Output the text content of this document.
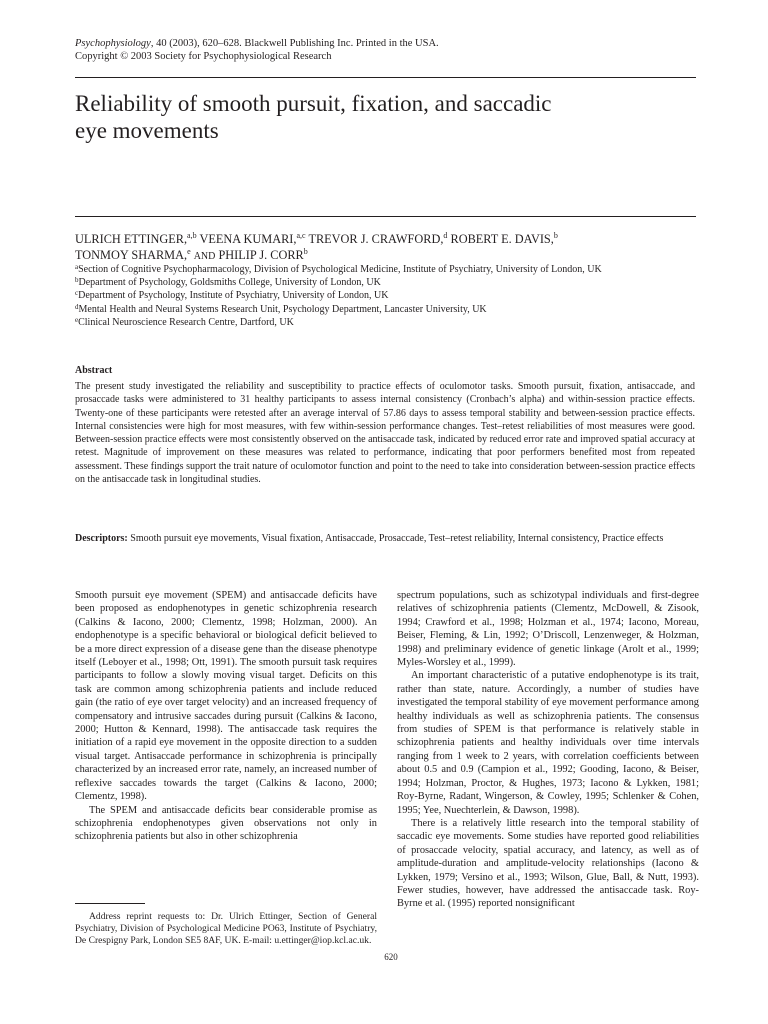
Psychophysiology, 40 (2003), 620–628. Blackwell Publishing Inc. Printed in the USA.
Copyright © 2003 Society for Psychophysiological Research
Reliability of smooth pursuit, fixation, and saccadic
eye movements
ULRICH ETTINGER,$^{a,b}$ VEENA KUMARI,$^{a,c}$ TREVOR J. CRAWFORD,$^d$ ROBERT E. DAVIS,$^b$
TONMOY SHARMA,$^e$ AND PHILIP J. CORR$^b$
$^a$Section of Cognitive Psychopharmacology, Division of Psychological Medicine, Institute of Psychiatry, University of London, UK
$^b$Department of Psychology, Goldsmiths College, University of London, UK
$^c$Department of Psychology, Institute of Psychiatry, University of London, UK
$^d$Mental Health and Neural Systems Research Unit, Psychology Department, Lancaster University, UK
$^e$Clinical Neuroscience Research Centre, Dartford, UK
Abstract

The present study investigated the reliability and susceptibility to practice effects of oculomotor tasks. Smooth pursuit, fixation, antisaccade, and prosaccade tasks were administered to 31 healthy participants to assess internal consistency (Cronbach’s alpha) and within-session practice effects. Twenty-one of these participants were retested after an average interval of 57.86 days to assess temporal stability and between-session practice effects. Internal consistencies were high for most measures, with few within-session performance changes. Test–retest reliabilities of most measures were good. Between-session practice effects were most consistently observed on the antisaccade task, indicated by reduced error rate and improved spatial accuracy at retest. Magnitude of improvement on these measures was related to performance, indicating that poor performers benefited most from repeated assessment. These findings support the trait nature of oculomotor function and point to the need to take into consideration between-session practice effects on the antisaccade task in longitudinal studies.

Descriptors: Smooth pursuit eye movements, Visual fixation, Antisaccade, Prosaccade, Test–retest reliability, Internal consistency, Practice effects

Smooth pursuit eye movement (SPEM) and antisaccade deficits have been proposed as endophenotypes in genetic schizophrenia research (Calkins & Iacono, 2000; Clementz, 1998; Holzman, 2000). An endophenotype is a specific behavioral or biological deficit believed to be a more direct expression of a disease gene than the disease phenotype itself (Leboyer et al., 1998; Ott, 1991). The smooth pursuit task requires participants to follow a slowly moving visual target. Deficits on this task are common among schizophrenia patients and include reduced gain (the ratio of eye over target velocity) and an increased frequency of compensatory and intrusive saccades during pursuit (Calkins & Iacono, 2000; Hutton & Kennard, 1998). The antisaccade task requires the initiation of a rapid eye movement in the opposite direction to a sudden visual target. Antisaccade performance in schizophrenia is principally characterized by an increased error rate, namely, an increased number of reflexive saccades towards the target (Calkins & Iacono, 2000; Clementz, 1998).

The SPEM and antisaccade deficits bear considerable promise as schizophrenia endophenotypes given observations not only in schizophrenia patients but also in other schizophrenia

spectrum populations, such as schizotypal individuals and first-degree relatives of schizophrenia patients (Clementz, McDowell, & Zisook, 1994; Crawford et al., 1998; Holzman et al., 1974; Iacono, Moreau, Beiser, Fleming, & Lin, 1992; O’Driscoll, Lenzenweger, & Holzman, 1998) and preliminary evidence of genetic linkage (Arolt et al., 1999; Myles-Worsley et al., 1999).

An important characteristic of a putative endophenotype is its trait, rather than state, nature. Accordingly, a number of studies have investigated the temporal stability of eye movement performance among healthy individuals as well as schizophrenia patients. The consensus from studies of SPEM is that performance is relatively stable in schizophrenia patients and healthy individuals over time intervals ranging from 1 week to 2 years, with correlation coefficients between about 0.5 and 0.9 (Campion et al., 1992; Gooding, Iacono, & Beiser, 1994; Holzman, Proctor, & Hughes, 1973; Iacono & Lykken, 1981; Roy-Byrne, Radant, Wingerson, & Cowley, 1995; Schlenker & Cohen, 1995; Yee, Nuechterlein, & Dawson, 1998).

There is a relatively little research into the temporal stability of saccadic eye movements. Some studies have reported good reliabilities of prosaccade velocity, spatial accuracy, and latency, as well as of amplitude-duration and amplitude-velocity relationships (Iacono & Lykken, 1979; Versino et al., 1993; Wilson, Glue, Ball, & Nutt, 1993). Fewer studies, however, have addressed the antisaccade task. Roy-Byrne et al. (1995) reported nonsignificant

Address reprint requests to: Dr. Ulrich Ettinger, Section of General Psychiatry, Division of Psychological Medicine PO63, Institute of Psychiatry, De Crespigny Park, London SE5 8AF, UK. E-mail: u.ettinger@iop.kcl.ac.uk.

620
